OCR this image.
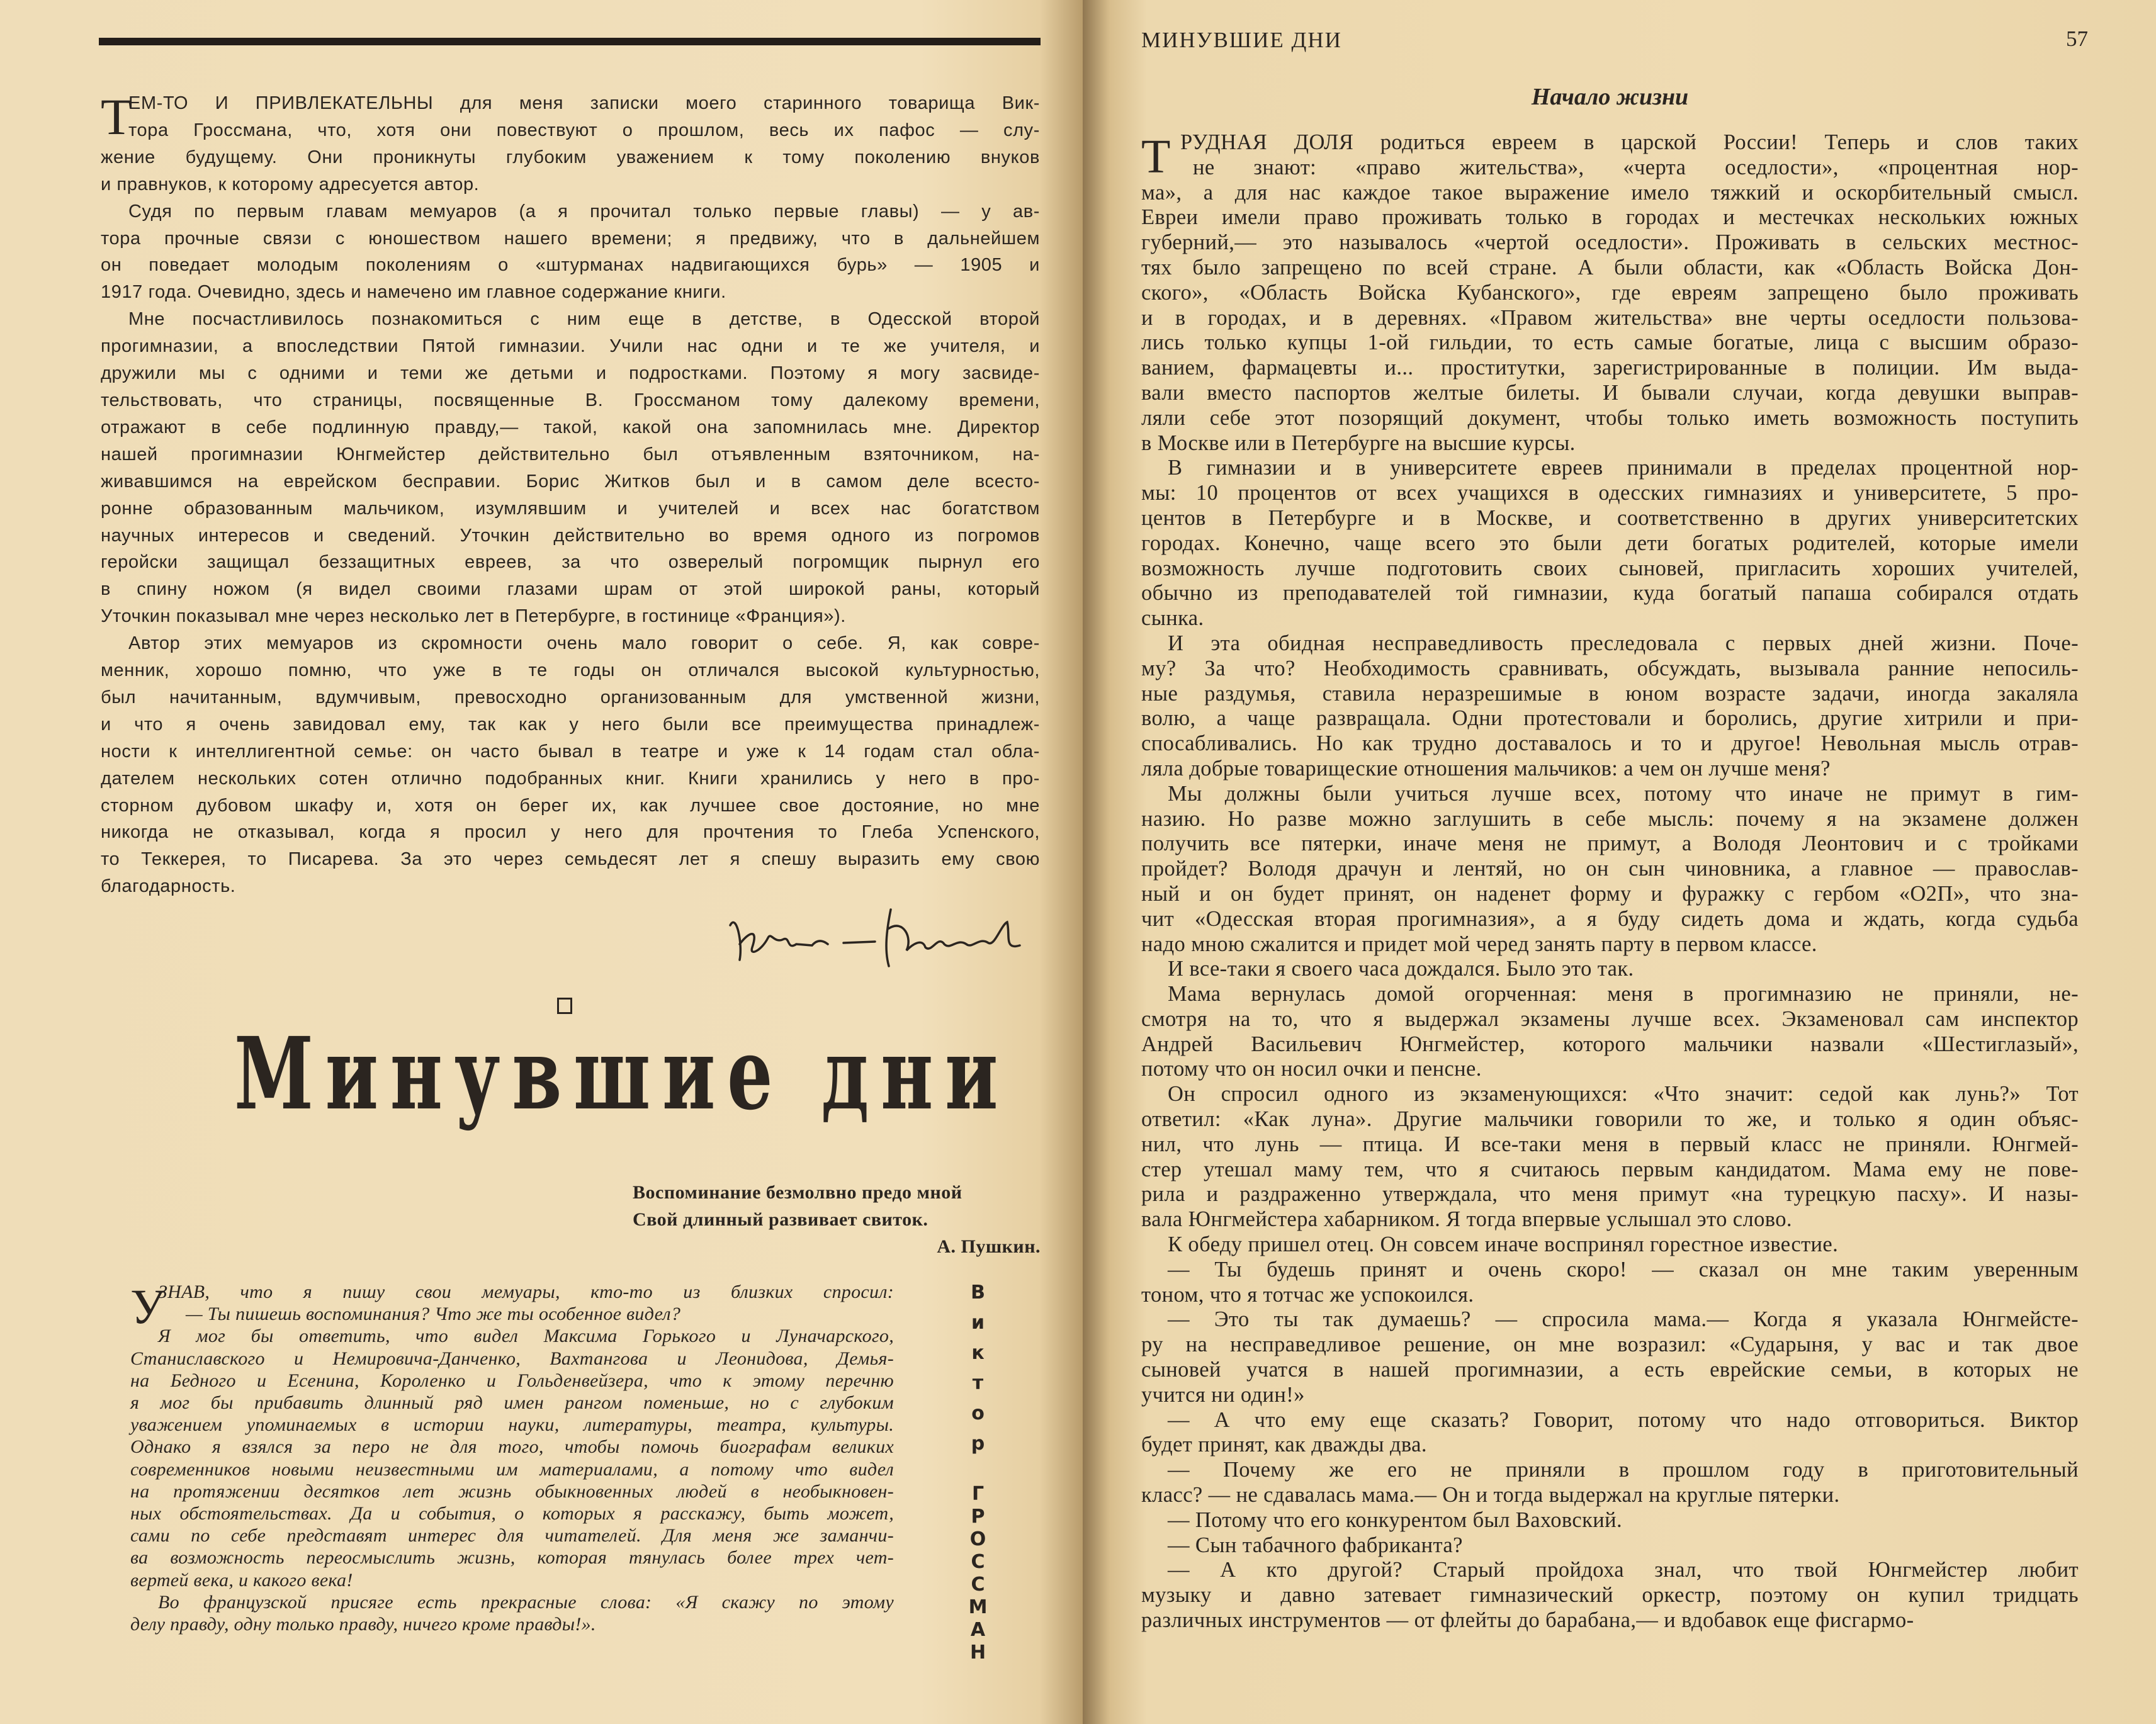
Т
ЕМ-ТО И ПРИВЛЕКАТЕЛЬНЫ для меня записки моего старинного товарища Вик-
тора Гроссмана, что, хотя они повествуют о прошлом, весь их пафос — слу-
жение будущему. Они проникнуты глубоким уважением к тому поколению внуков
и правнуков, к которому адресуется автор.
Судя по первым главам мемуаров (а я прочитал только первые главы) — у ав-
тора прочные связи с юношеством нашего времени; я предвижу, что в дальнейшем
он поведает молодым поколениям о «штурманах надвигающихся бурь» — 1905 и
1917 года. Очевидно, здесь и намечено им главное содержание книги.
Мне посчастливилось познакомиться с ним еще в детстве, в Одесской второй
прогимназии, а впоследствии Пятой гимназии. Учили нас одни и те же учителя, и
дружили мы с одними и теми же детьми и подростками. Поэтому я могу засвиде-
тельствовать, что страницы, посвященные В. Гроссманом тому далекому времени,
отражают в себе подлинную правду,— такой, какой она запомнилась мне. Директор
нашей прогимназии Юнгмейстер действительно был отъявленным взяточником, на-
живавшимся на еврейском бесправии. Борис Житков был и в самом деле всесто-
ронне образованным мальчиком, изумлявшим и учителей и всех нас богатством
научных интересов и сведений. Уточкин действительно во время одного из погромов
геройски защищал беззащитных евреев, за что озверелый погромщик пырнул его
в спину ножом (я видел своими глазами шрам от этой широкой раны, который
Уточкин показывал мне через несколько лет в Петербурге, в гостинице «Франция»).
Автор этих мемуаров из скромности очень мало говорит о себе. Я, как совре-
менник, хорошо помню, что уже в те годы он отличался высокой культурностью,
был начитанным, вдумчивым, превосходно организованным для умственной жизни,
и что я очень завидовал ему, так как у него были все преимущества принадлеж-
ности к интеллигентной семье: он часто бывал в театре и уже к 14 годам стал обла-
дателем нескольких сотен отлично подобранных книг. Книги хранились у него в про-
сторном дубовом шкафу и, хотя он берег их, как лучшее свое достояние, но мне
никогда не отказывал, когда я просил у него для прочтения то Глеба Успенского,
то Теккерея, то Писарева. За это через семьдесят лет я спешу выразить ему свою
благодарность.
Минувшие дни
Воспоминание безмолвно предо мной
Свой длинный развивает свиток.
А. Пушкин.
У
ЗНАВ, что я пишу свои мемуары, кто-то из близких спросил:
— Ты пишешь воспоминания? Что же ты особенное видел?
Я мог бы ответить, что видел Максима Горького и Луначарского,
Станиславского и Немировича-Данченко, Вахтангова и Леонидова, Демья-
на Бедного и Есенина, Короленко и Гольденвейзера, что к этому перечню
я мог бы прибавить длинный ряд имен рангом поменьше, но с глубоким
уважением упоминаемых в истории науки, литературы, театра, культуры.
Однако я взялся за перо не для того, чтобы помочь биографам великих
современников новыми неизвестными им материалами, а потому что видел
на протяжении десятков лет жизнь обыкновенных людей в необыкновен-
ных обстоятельствах. Да и события, о которых я расскажу, быть может,
сами по себе представят интерес для читателей. Для меня же заманчи-
ва возможность переосмыслить жизнь, которая тянулась более трех чет-
вертей века, и какого века!
Во французской присяге есть прекрасные слова: «Я скажу по этому
делу правду, одну только правду, ничего кроме правды!».
Виктор
ГРОССМАН
МИНУВШИЕ ДНИ	57
Начало жизни
Т РУДНАЯ ДОЛЯ родиться евреем в царской России! Теперь и слов таких
не знают: «право жительства», «черта оседлости», «процентная нор-
ма», а для нас каждое такое выражение имело тяжкий и оскорбительный смысл.
Евреи имели право проживать только в городах и местечках нескольких южных
губерний,— это называлось «чертой оседлости». Проживать в сельских местнос-
тях было запрещено по всей стране. А были области, как «Область Войска Дон-
ского», «Область Войска Кубанского», где евреям запрещено было проживать
и в городах, и в деревнях. «Правом жительства» вне черты оседлости пользова-
лись только купцы 1-ой гильдии, то есть самые богатые, лица с высшим образо-
ванием, фармацевты и... проститутки, зарегистрированные в полиции. Им выда-
вали вместо паспортов желтые билеты. И бывали случаи, когда девушки выправ-
ляли себе этот позорящий документ, чтобы только иметь возможность поступить
в Москве или в Петербурге на высшие курсы.
В гимназии и в университете евреев принимали в пределах процентной нор-
мы: 10 процентов от всех учащихся в одесских гимназиях и университете, 5 про-
центов в Петербурге и в Москве, и соответственно в других университетских
городах. Конечно, чаще всего это были дети богатых родителей, которые имели
возможность лучше подготовить своих сыновей, пригласить хороших учителей,
обычно из преподавателей той гимназии, куда богатый папаша собирался отдать
сынка.
И эта обидная несправедливость преследовала с первых дней жизни. Поче-
му? За что? Необходимость сравнивать, обсуждать, вызывала ранние непосиль-
ные раздумья, ставила неразрешимые в юном возрасте задачи, иногда закаляла
волю, а чаще развращала. Одни протестовали и боролись, другие хитрили и при-
спосабливались. Но как трудно доставалось и то и другое! Невольная мысль отрав-
ляла добрые товарищеские отношения мальчиков: а чем он лучше меня?
Мы должны были учиться лучше всех, потому что иначе не примут в гим-
назию. Но разве можно заглушить в себе мысль: почему я на экзамене должен
получить все пятерки, иначе меня не примут, а Володя Леонтович и с тройками
пройдет? Володя драчун и лентяй, но он сын чиновника, а главное — православ-
ный и он будет принят, он наденет форму и фуражку с гербом «О2П», что зна-
чит «Одесская вторая прогимназия», а я буду сидеть дома и ждать, когда судьба
надо мною сжалится и придет мой черед занять парту в первом классе.
И все-таки я своего часа дождался. Было это так.
Мама вернулась домой огорченная: меня в прогимназию не приняли, не-
смотря на то, что я выдержал экзамены лучше всех. Экзаменовал сам инспектор
Андрей Васильевич Юнгмейстер, которого мальчики назвали «Шестиглазый»,
потому что он носил очки и пенсне.
Он спросил одного из экзаменующихся: «Что значит: седой как лунь?» Тот
ответил: «Как луна». Другие мальчики говорили то же, и только я один объяс-
нил, что лунь — птица. И все-таки меня в первый класс не приняли. Юнгмей-
стер утешал маму тем, что я считаюсь первым кандидатом. Мама ему не пове-
рила и раздраженно утверждала, что меня примут «на турецкую пасху». И назы-
вала Юнгмейстера хабарником. Я тогда впервые услышал это слово.
К обеду пришел отец. Он совсем иначе воспринял горестное известие.
— Ты будешь принят и очень скоро! — сказал он мне таким уверенным
тоном, что я тотчас же успокоился.
— Это ты так думаешь? — спросила мама.— Когда я указала Юнгмейсте-
ру на несправедливое решение, он мне возразил: «Сударыня, у вас и так двое
сыновей учатся в нашей прогимназии, а есть еврейские семьи, в которых не
учится ни один!»
— А что ему еще сказать? Говорит, потому что надо отговориться. Виктор
будет принят, как дважды два.
— Почему же его не приняли в прошлом году в приготовительный
класс? — не сдавалась мама.— Он и тогда выдержал на круглые пятерки.
— Потому что его конкурентом был Ваховский.
— Сын табачного фабриканта?
— А кто другой? Старый пройдоха знал, что твой Юнгмейстер любит
музыку и давно затевает гимназический оркестр, поэтому он купил тридцать
различных инструментов — от флейты до барабана,— и вдобавок еще фисгармо-
